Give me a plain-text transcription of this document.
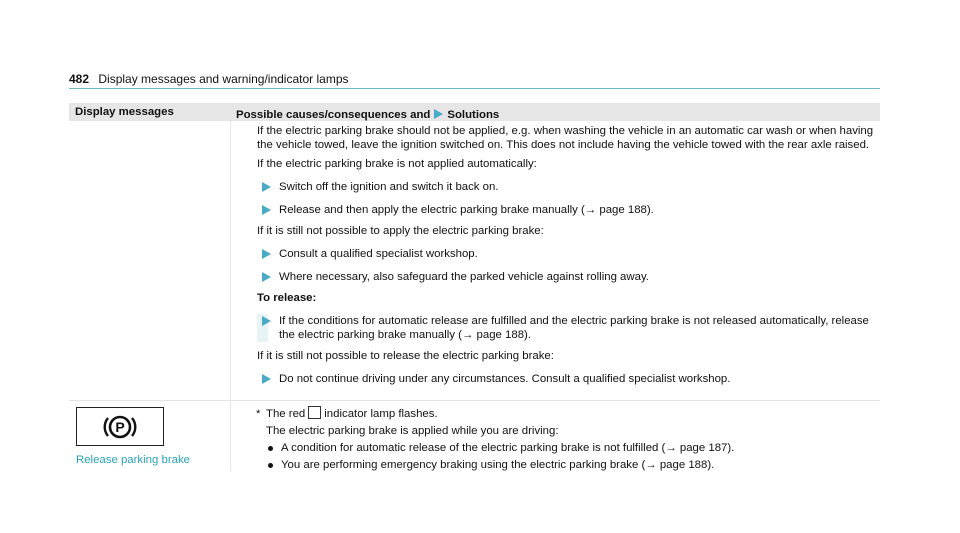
482 Display messages and warning/indicator lamps
Display messages	Possible causes/consequences and Solutions

If the electric parking brake should not be applied, e.g. when washing the vehicle in an automatic car wash or when having the vehicle towed, leave the ignition switched on. This does not include having the vehicle towed with the rear axle raised.

If the electric parking brake is not applied automatically:

Switch off the ignition and switch it back on.
Release and then apply the electric parking brake manually (→ page 188).

If it is still not possible to apply the electric parking brake:

Consult a qualified specialist workshop.
Where necessary, also safeguard the parked vehicle against rolling away.

To release:

If the conditions for automatic release are fulfilled and the electric parking brake is not released automatically, release the electric parking brake manually (→ page 188).

If it is still not possible to release the electric parking brake:

Do not continue driving under any circumstances. Consult a qualified specialist workshop.
P
Release parking brake

* The red indicator lamp flashes.

The electric parking brake is applied while you are driving:

A condition for automatic release of the electric parking brake is not fulfilled (→ page 187).
You are performing emergency braking using the electric parking brake (→ page 188).
